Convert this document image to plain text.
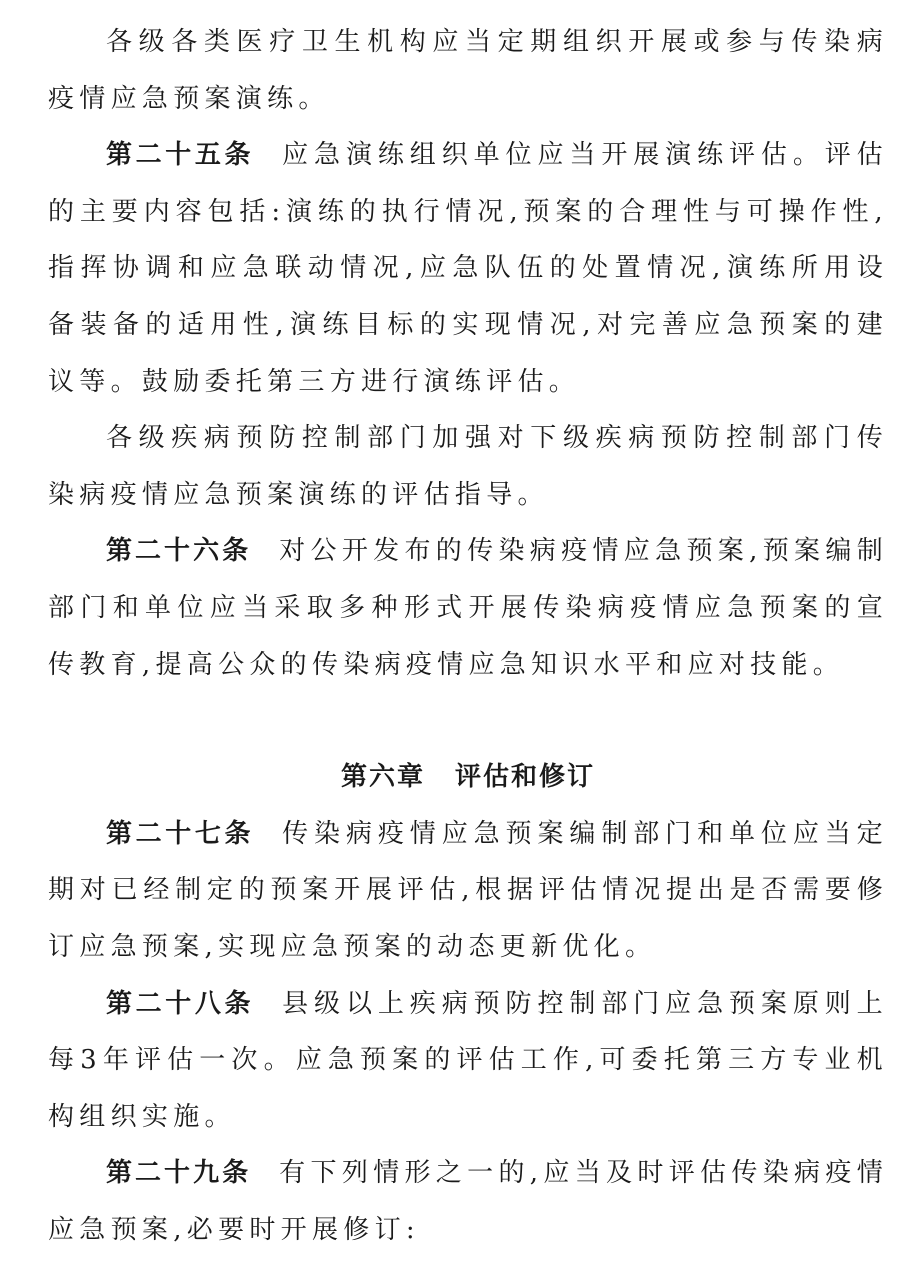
各级各类医疗卫生机构应当定期组织开展或参与传染病疫情应急预案演练。

第二十五条 应急演练组织单位应当开展演练评估。评估的主要内容包括:演练的执行情况,预案的合理性与可操作性,指挥协调和应急联动情况,应急队伍的处置情况,演练所用设备装备的适用性,演练目标的实现情况,对完善应急预案的建议等。鼓励委托第三方进行演练评估。

各级疾病预防控制部门加强对下级疾病预防控制部门传染病疫情应急预案演练的评估指导。

第二十六条 对公开发布的传染病疫情应急预案,预案编制部门和单位应当采取多种形式开展传染病疫情应急预案的宣传教育,提高公众的传染病疫情应急知识水平和应对技能。

第六章 评估和修订

第二十七条 传染病疫情应急预案编制部门和单位应当定期对已经制定的预案开展评估,根据评估情况提出是否需要修订应急预案,实现应急预案的动态更新优化。

第二十八条 县级以上疾病预防控制部门应急预案原则上每3年评估一次。应急预案的评估工作,可委托第三方专业机构组织实施。

第二十九条 有下列情形之一的,应当及时评估传染病疫情应急预案,必要时开展修订:
